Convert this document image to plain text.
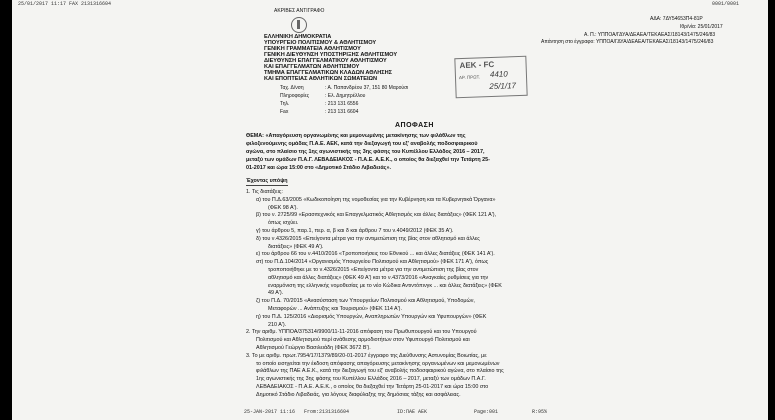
25/01/2017 11:17 FAX 2131316604	0001/0001
ΑΚΡΙΒΕΣ ΑΝΤΙΓΡΑΦΟ
ΕΛΛΗΝΙΚΗ ΔΗΜΟΚΡΑΤΙΑ
ΥΠΟΥΡΓΕΙΟ ΠΟΛΙΤΙΣΜΟΥ & ΑΘΛΗΤΙΣΜΟΥ
ΓΕΝΙΚΗ ΓΡΑΜΜΑΤΕΙΑ ΑΘΛΗΤΙΣΜΟΥ
ΓΕΝΙΚΗ ΔΙΕΥΘΥΝΣΗ ΥΠΟΣΤΗΡΙΞΗΣ ΑΘΛΗΤΙΣΜΟΥ
ΔΙΕΥΘΥΝΣΗ ΕΠΑΓΓΕΛΜΑΤΙΚΟΥ ΑΘΛΗΤΙΣΜΟΥ
ΚΑΙ ΕΠΑΓΓΕΛΜΑΤΩΝ ΑΘΛΗΤΙΣΜΟΥ
ΤΜΗΜΑ ΕΠΑΓΓΕΛΜΑΤΙΚΩΝ ΚΛΑΔΩΝ ΑΘΛΗΣΗΣ
ΚΑΙ ΕΠΟΠΤΕΙΑΣ ΑΘΛΗΤΙΚΩΝ ΣΩΜΑΤΕΙΩΝ
Ταχ. Δ/νση	: Α. Παπανδρέου 37, 151 80 Μαρούσι
Πληροφορίες	: Ελ. Δημητρέλλου
Τηλ.	: 213 131 6556
Fax	: 213 131 6604
ΑΔΑ: 7ΔΥ54653Π4-81Ρ
Ιθρ/νία: 25/01/2017
Α. Π.: ΥΠΠΟΑ/ΓΔΥΑ/ΔΕΑΕΑ/ΤΕΚΑΕΑΣ/18143/1475/246/83
Απάντηση στο έγγραφο: ΥΠΠΟΑ/ΓΔΥΑ/ΔΕΑΕΑ/ΤΕΚΑΕΑΣ/18143/1475/246/83
ΑΕΚ - FC
ΑΡ. ΠΡΩΤ. 4410
25/1/17
ΑΠΟΦΑΣΗ
ΘΕΜΑ: «Απαγόρευση οργανωμένης και μεμονωμένης μετακίνησης των φιλάθλων της
φιλοξενούμενης ομάδας Π.Α.Ε. ΑΕΚ, κατά την διεξαγωγή του εξ' αναβολής ποδοσφαιρικού
αγώνα, στο πλαίσιο της 1ης αγωνιστικής της 3ης φάσης του Κυπέλλου Ελλάδος 2016 – 2017,
μεταξύ των ομάδων Π.Α.Γ. ΛΕΒΑΔΕΙΑΚΟΣ - Π.Α.Ε. Α.Ε.Κ., ο οποίος θα διεξαχθεί την Τετάρτη 25-
01-2017 και ώρα 15:00 στο «Δημοτικό Στάδιο Λιβαδειάς».
Έχοντας υπόψη
1. Τις διατάξεις:
α) του Π.Δ.63/2005 «Κωδικοποίηση της νομοθεσίας για την Κυβέρνηση και τα Κυβερνητικά Όργανα»
(ΦΕΚ 98 Α').
β) του ν. 2725/99 «Ερασιτεχνικός και Επαγγελματικός Αθλητισμός και άλλες διατάξεις» (ΦΕΚ 121 Α'),
όπως ισχύει.
γ) του άρθρου 5, παρ.1, περ. α, β και δ και άρθρου 7 του ν.4049/2012 (ΦΕΚ 35 Α').
δ) του ν.4326/2015 «Επείγοντα μέτρα για την αντιμετώπιση της βίας στον αθλητισμό και άλλες
διατάξεις» (ΦΕΚ 49 Α').
ε) του άρθρου 66 του ν.4410/2016 «Τροποποιήσεις του Εθνικού ... και άλλες διατάξεις (ΦΕΚ 141 Α').
στ) του Π.Δ.104/2014 «Οργανισμός Υπουργείου Πολιτισμού και Αθλητισμού» (ΦΕΚ 171 Α'), όπως
τροποποιήθηκε με το ν.4326/2015 «Επείγοντα μέτρα για την αντιμετώπιση της βίας στον
αθλητισμό και άλλες διατάξεις» (ΦΕΚ 49 Α') και το ν.4373/2016 «Αναγκαίες ρυθμίσεις για την
εναρμόνιση της ελληνικής νομοθεσίας με το νέο Κώδικα Αντιντόπινγκ ... και άλλες διατάξεις» (ΦΕΚ
49 Α').
ζ) του Π.Δ. 70/2015 «Ανασύσταση των Υπουργείων Πολιτισμού και Αθλητισμού, Υποδομών,
Μεταφορών ... Ανάπτυξης και Τουρισμού» (ΦΕΚ 114 Α').
η) του Π.Δ. 125/2016 «Διορισμός Υπουργών, Αναπληρωτών Υπουργών και Υφυπουργών» (ΦΕΚ
210 Α').
2. Την αριθμ. ΥΠΠΟΑ/375314/9900/11-11-2016 απόφαση του Πρωθυπουργού και του Υπουργού
Πολιτισμού και Αθλητισμού περί ανάθεσης αρμοδιοτήτων στον Υφυπουργό Πολιτισμού και
Αθλητισμού Γεώργιο Βασιλειάδη (ΦΕΚ 3672 Β').
3. Το με αριθμ. πρωτ.7954/17/1379/89/20-01-2017 έγγραφο της Διεύθυνσης Αστυνομίας Βοιωτίας, με
το οποίο εισηγείται την έκδοση απόφασης απαγόρευσης μετακίνησης οργανωμένων και μεμονωμένων
φιλάθλων της ΠΑΕ Α.Ε.Κ., κατά την διεξαγωγή του εξ' αναβολής ποδοσφαιρικού αγώνα, στο πλαίσιο της
1ης αγωνιστικής της 3ης φάσης του Κυπέλλου Ελλάδος 2016 – 2017, μεταξύ των ομάδων Π.Α.Γ.
ΛΕΒΑΔΕΙΑΚΟΣ - Π.Α.Ε. Α.Ε.Κ., ο οποίος θα διεξαχθεί την Τετάρτη 25-01-2017 και ώρα 15:00 στο
Δημοτικό Στάδιο Λιβαδειάς, για λόγους διαφύλαξης της δημόσιας τάξης και ασφάλειας.
25-JAN-2017 11:16 From:2131316604	ID:ΠΑΕ ΑΕΚ	Page:001	R:95%
